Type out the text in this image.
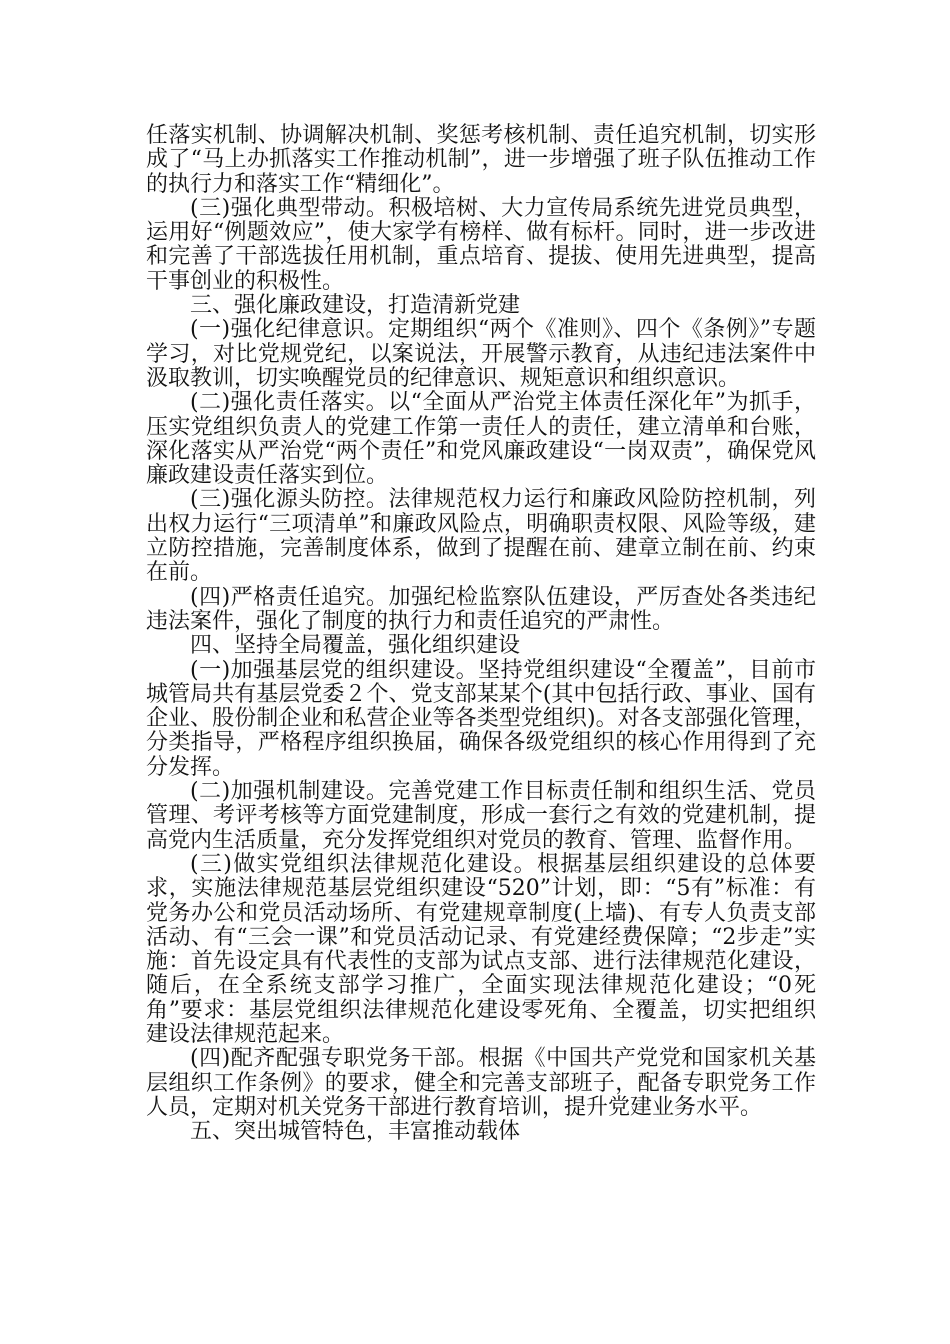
任落实机制、协调解决机制、奖惩考核机制、责任追究机制，切实形成了“马上办抓落实工作推动机制”，进一步增强了班子队伍推动工作的执行力和落实工作“精细化”。

(三)强化典型带动。积极培树、大力宣传局系统先进党员典型，运用好“例题效应”，使大家学有榜样、做有标杆。同时，进一步改进和完善了干部选拔任用机制，重点培育、提拔、使用先进典型，提高干事创业的积极性。

三、强化廉政建设，打造清新党建

(一)强化纪律意识。定期组织“两个《准则》、四个《条例》”专题学习，对比党规党纪，以案说法，开展警示教育，从违纪违法案件中汲取教训，切实唤醒党员的纪律意识、规矩意识和组织意识。

(二)强化责任落实。以“全面从严治党主体责任深化年”为抓手，压实党组织负责人的党建工作第一责任人的责任，建立清单和台账，深化落实从严治党“两个责任”和党风廉政建设“一岗双责”，确保党风廉政建设责任落实到位。

(三)强化源头防控。法律规范权力运行和廉政风险防控机制，列出权力运行“三项清单”和廉政风险点，明确职责权限、风险等级，建立防控措施，完善制度体系，做到了提醒在前、建章立制在前、约束在前。

(四)严格责任追究。加强纪检监察队伍建设，严厉查处各类违纪违法案件，强化了制度的执行力和责任追究的严肃性。

四、坚持全局覆盖，强化组织建设

(一)加强基层党的组织建设。坚持党组织建设“全覆盖”，目前市城管局共有基层党委２个、党支部某某个(其中包括行政、事业、国有企业、股份制企业和私营企业等各类型党组织)。对各支部强化管理，分类指导，严格程序组织换届，确保各级党组织的核心作用得到了充分发挥。

(二)加强机制建设。完善党建工作目标责任制和组织生活、党员管理、考评考核等方面党建制度，形成一套行之有效的党建机制，提高党内生活质量，充分发挥党组织对党员的教育、管理、监督作用。

(三)做实党组织法律规范化建设。根据基层组织建设的总体要求，实施法律规范基层党组织建设“520”计划，即：“5有”标准：有党务办公和党员活动场所、有党建规章制度(上墙)、有专人负责支部活动、有“三会一课”和党员活动记录、有党建经费保障；“2步走”实施：首先设定具有代表性的支部为试点支部、进行法律规范化建设，随后，在全系统支部学习推广，全面实现法律规范化建设；“0死角”要求：基层党组织法律规范化建设零死角、全覆盖，切实把组织建设法律规范起来。

(四)配齐配强专职党务干部。根据《中国共产党党和国家机关基层组织工作条例》的要求，健全和完善支部班子，配备专职党务工作人员，定期对机关党务干部进行教育培训，提升党建业务水平。

五、突出城管特色，丰富推动载体
